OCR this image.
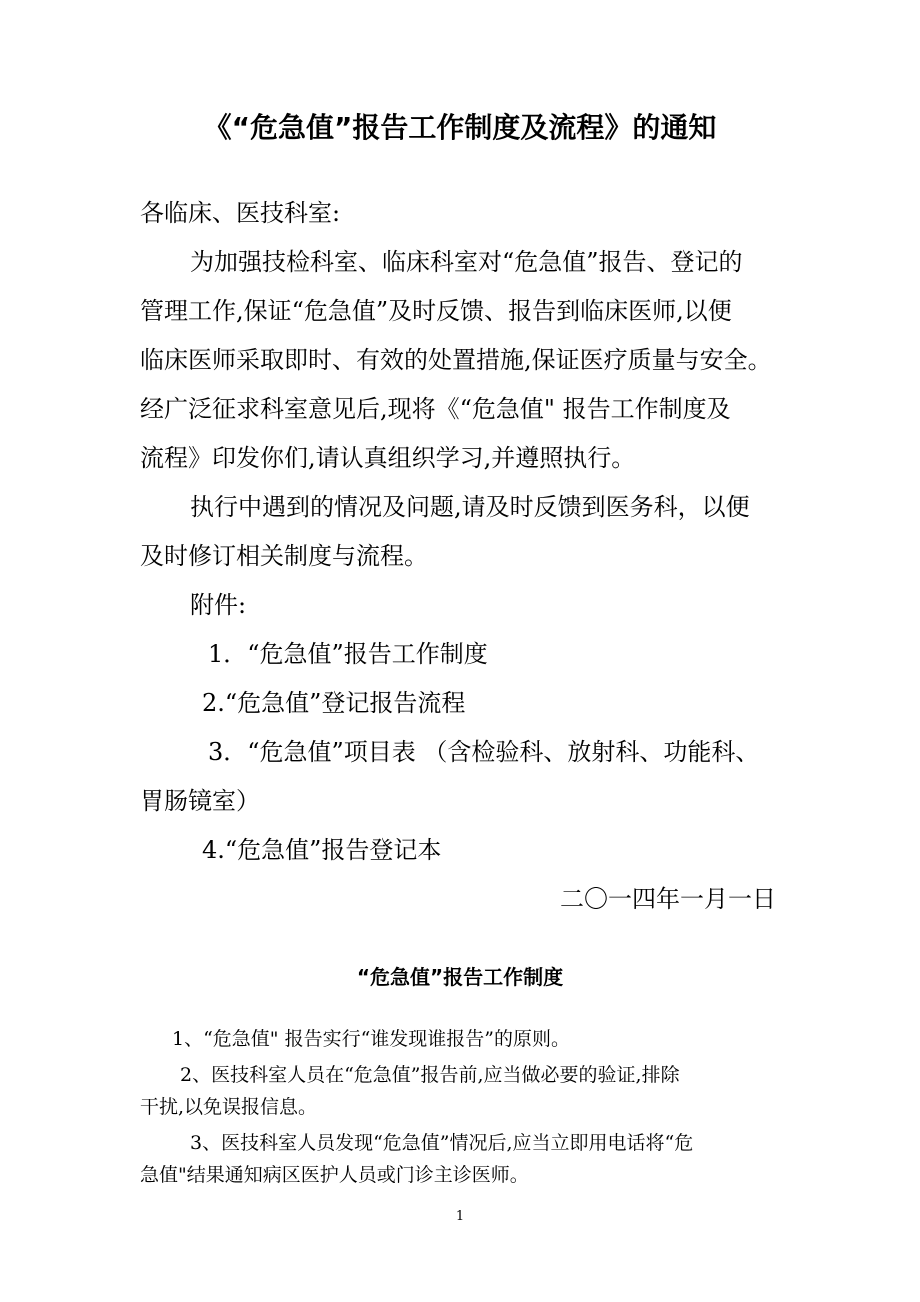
《“危急值”报告工作制度及流程》的通知
各临床、医技科室:
为加强技检科室、临床科室对“危急值”报告、登记的
管理工作,保证“危急值”及时反馈、报告到临床医师,以便
临床医师采取即时、有效的处置措施,保证医疗质量与安全。
经广泛征求科室意见后,现将《“危急值" 报告工作制度及
流程》印发你们,请认真组织学习,并遵照执行。
执行中遇到的情况及问题,请及时反馈到医务科，以便
及时修订相关制度与流程。
附件:
1．“危急值”报告工作制度
2.“危急值”登记报告流程
3．“危急值”项目表 （含检验科、放射科、功能科、
胃肠镜室）
4.“危急值”报告登记本
二〇一四年一月一日
“危急值”报告工作制度
1、“危急值" 报告实行“谁发现谁报告”的原则。
2、医技科室人员在“危急值”报告前,应当做必要的验证,排除
干扰,以免误报信息。
3、医技科室人员发现“危急值”情况后,应当立即用电话将“危
急值"结果通知病区医护人员或门诊主诊医师。
1
